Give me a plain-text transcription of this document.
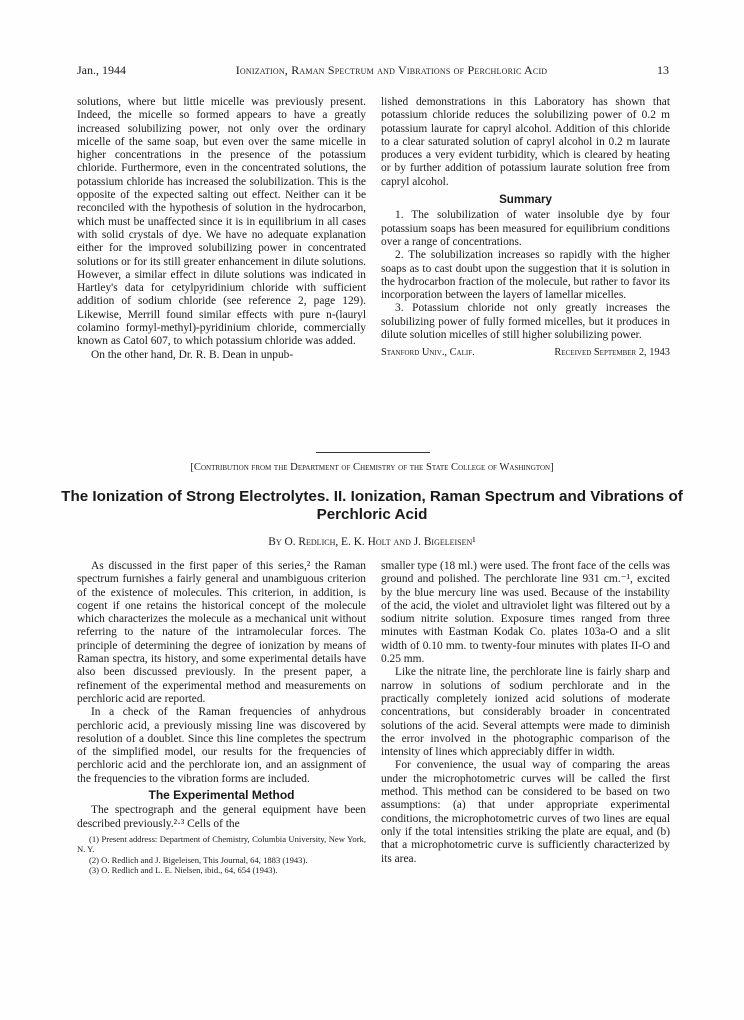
Jan., 1944	Ionization, Raman Spectrum and Vibrations of Perchloric Acid	13

solutions, where but little micelle was previously present. Indeed, the micelle so formed appears to have a greatly increased solubilizing power, not only over the ordinary micelle of the same soap, but even over the same micelle in higher concentrations in the presence of the potassium chloride. Furthermore, even in the concentrated solutions, the potassium chloride has increased the solubilization. This is the opposite of the expected salting out effect. Neither can it be reconciled with the hypothesis of solution in the hydrocarbon, which must be unaffected since it is in equilibrium in all cases with solid crystals of dye. We have no adequate explanation either for the improved solubilizing power in concentrated solutions or for its still greater enhancement in dilute solutions. However, a similar effect in dilute solutions was indicated in Hartley's data for cetylpyridinium chloride with sufficient addition of sodium chloride (see reference 2, page 129). Likewise, Merrill found similar effects with pure n-(lauryl colamino formyl-methyl)-pyridinium chloride, commercially known as Catol 607, to which potassium chloride was added.

On the other hand, Dr. R. B. Dean in unpub-

lished demonstrations in this Laboratory has shown that potassium chloride reduces the solubilizing power of 0.2 m potassium laurate for capryl alcohol. Addition of this chloride to a clear saturated solution of capryl alcohol in 0.2 m laurate produces a very evident turbidity, which is cleared by heating or by further addition of potassium laurate solution free from capryl alcohol.

Summary

1. The solubilization of water insoluble dye by four potassium soaps has been measured for equilibrium conditions over a range of concentrations.

2. The solubilization increases so rapidly with the higher soaps as to cast doubt upon the suggestion that it is solution in the hydrocarbon fraction of the molecule, but rather to favor its incorporation between the layers of lamellar micelles.

3. Potassium chloride not only greatly increases the solubilizing power of fully formed micelles, but it produces in dilute solution micelles of still higher solubilizing power.

Stanford Univ., Calif.	Received September 2, 1943
[Contribution from the Department of Chemistry of the State College of Washington]
The Ionization of Strong Electrolytes. II. Ionization, Raman Spectrum and Vibrations of Perchloric Acid
By O. Redlich, E. K. Holt and J. Bigeleisen¹

As discussed in the first paper of this series,² the Raman spectrum furnishes a fairly general and unambiguous criterion of the existence of molecules. This criterion, in addition, is cogent if one retains the historical concept of the molecule which characterizes the molecule as a mechanical unit without referring to the nature of the intramolecular forces. The principle of determining the degree of ionization by means of Raman spectra, its history, and some experimental details have also been discussed previously. In the present paper, a refinement of the experimental method and measurements on perchloric acid are reported.

In a check of the Raman frequencies of anhydrous perchloric acid, a previously missing line was discovered by resolution of a doublet. Since this line completes the spectrum of the simplified model, our results for the frequencies of perchloric acid and the perchlorate ion, and an assignment of the frequencies to the vibration forms are included.

The Experimental Method

The spectrograph and the general equipment have been described previously.²·³ Cells of the

(1) Present address: Department of Chemistry, Columbia University, New York, N. Y.
(2) O. Redlich and J. Bigeleisen, This Journal, 64, 1883 (1943).
(3) O. Redlich and L. E. Nielsen, ibid., 64, 654 (1943).

smaller type (18 ml.) were used. The front face of the cells was ground and polished. The perchlorate line 931 cm.⁻¹, excited by the blue mercury line was used. Because of the instability of the acid, the violet and ultraviolet light was filtered out by a sodium nitrite solution. Exposure times ranged from three minutes with Eastman Kodak Co. plates 103a-O and a slit width of 0.10 mm. to twenty-four minutes with plates II-O and 0.25 mm.

Like the nitrate line, the perchlorate line is fairly sharp and narrow in solutions of sodium perchlorate and in the practically completely ionized acid solutions of moderate concentrations, but considerably broader in concentrated solutions of the acid. Several attempts were made to diminish the error involved in the photographic comparison of the intensity of lines which appreciably differ in width.

For convenience, the usual way of comparing the areas under the microphotometric curves will be called the first method. This method can be considered to be based on two assumptions: (a) that under appropriate experimental conditions, the microphotometric curves of two lines are equal only if the total intensities striking the plate are equal, and (b) that a microphotometric curve is sufficiently characterized by its area.
